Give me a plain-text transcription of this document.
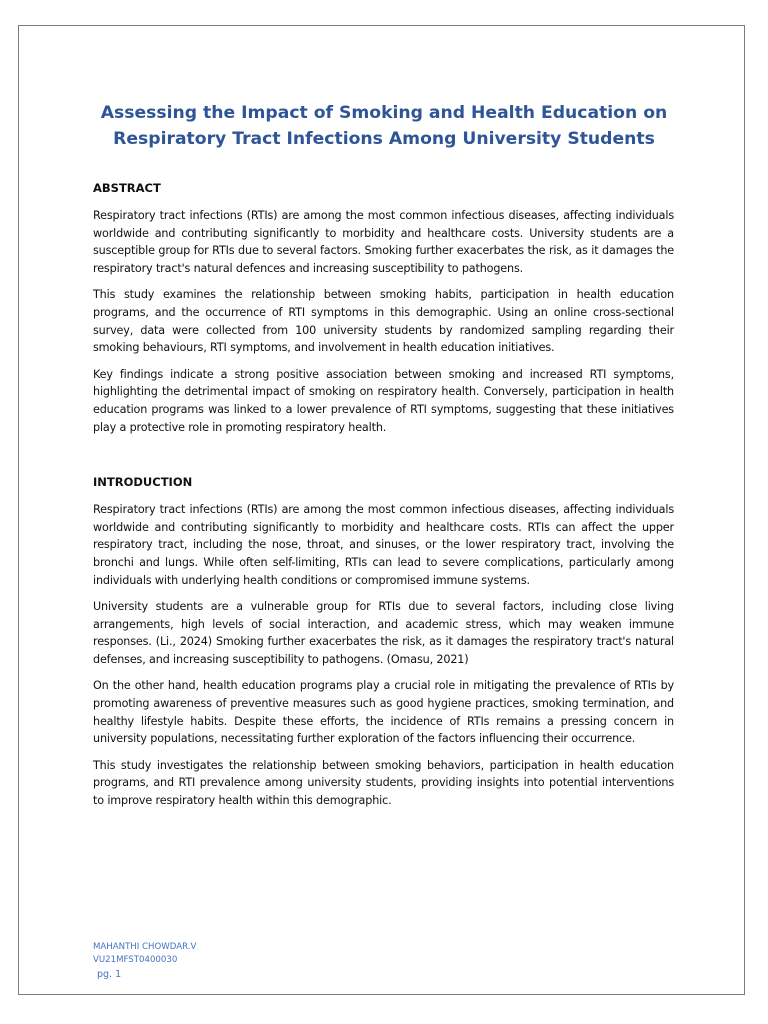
Assessing the Impact of Smoking and Health Education on
Respiratory Tract Infections Among University Students
ABSTRACT

Respiratory tract infections (RTIs) are among the most common infectious diseases, affecting individuals worldwide and contributing significantly to morbidity and healthcare costs. University students are a susceptible group for RTIs due to several factors. Smoking further exacerbates the risk, as it damages the respiratory tract's natural defences and increasing susceptibility to pathogens.

This study examines the relationship between smoking habits, participation in health education programs, and the occurrence of RTI symptoms in this demographic. Using an online cross-sectional survey, data were collected from 100 university students by randomized sampling regarding their smoking behaviours, RTI symptoms, and involvement in health education initiatives.

Key findings indicate a strong positive association between smoking and increased RTI symptoms, highlighting the detrimental impact of smoking on respiratory health. Conversely, participation in health education programs was linked to a lower prevalence of RTI symptoms, suggesting that these initiatives play a protective role in promoting respiratory health.

INTRODUCTION

Respiratory tract infections (RTIs) are among the most common infectious diseases, affecting individuals worldwide and contributing significantly to morbidity and healthcare costs. RTIs can affect the upper respiratory tract, including the nose, throat, and sinuses, or the lower respiratory tract, involving the bronchi and lungs. While often self-limiting, RTIs can lead to severe complications, particularly among individuals with underlying health conditions or compromised immune systems.

University students are a vulnerable group for RTIs due to several factors, including close living arrangements, high levels of social interaction, and academic stress, which may weaken immune responses. (Li., 2024) Smoking further exacerbates the risk, as it damages the respiratory tract's natural defenses, and increasing susceptibility to pathogens. (Omasu, 2021)

On the other hand, health education programs play a crucial role in mitigating the prevalence of RTIs by promoting awareness of preventive measures such as good hygiene practices, smoking termination, and healthy lifestyle habits. Despite these efforts, the incidence of RTIs remains a pressing concern in university populations, necessitating further exploration of the factors influencing their occurrence.

This study investigates the relationship between smoking behaviors, participation in health education programs, and RTI prevalence among university students, providing insights into potential interventions to improve respiratory health within this demographic.

MAHANTHI CHOWDAR.V
VU21MFST0400030
pg. 1
